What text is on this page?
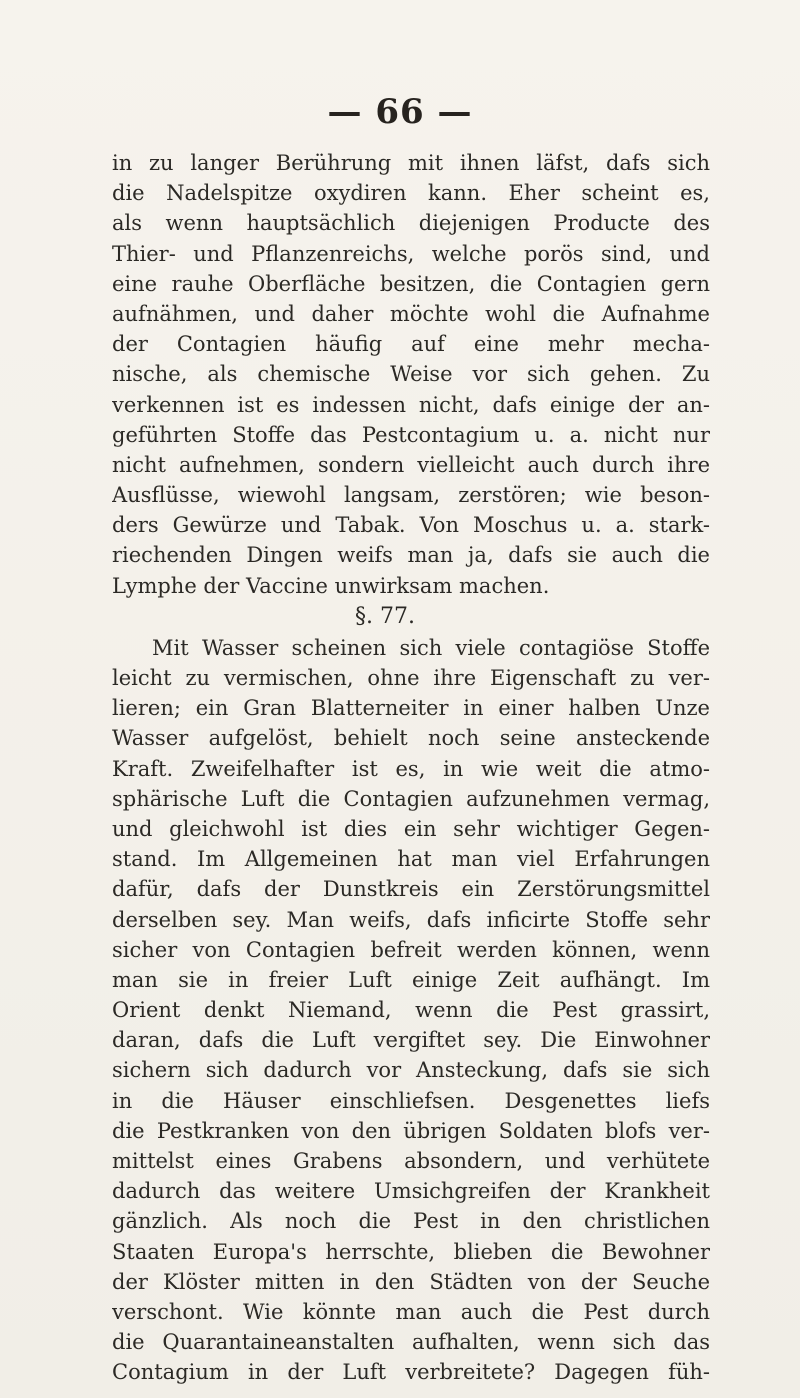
— 66 —
in zu langer Berührung mit ihnen läfst, dafs sich
die Nadelspitze oxydiren kann. Eher scheint es,
als wenn hauptsächlich diejenigen Producte des
Thier- und Pflanzenreichs, welche porös sind, und
eine rauhe Oberfläche besitzen, die Contagien gern
aufnähmen, und daher möchte wohl die Aufnahme
der Contagien häufig auf eine mehr mecha-
nische, als chemische Weise vor sich gehen. Zu
verkennen ist es indessen nicht, dafs einige der an-
geführten Stoffe das Pestcontagium u. a. nicht nur
nicht aufnehmen, sondern vielleicht auch durch ihre
Ausflüsse, wiewohl langsam, zerstören; wie beson-
ders Gewürze und Tabak. Von Moschus u. a. stark-
riechenden Dingen weifs man ja, dafs sie auch die
Lymphe der Vaccine unwirksam machen.
§. 77.
Mit Wasser scheinen sich viele contagiöse Stoffe
leicht zu vermischen, ohne ihre Eigenschaft zu ver-
lieren; ein Gran Blatterneiter in einer halben Unze
Wasser aufgelöst, behielt noch seine ansteckende
Kraft. Zweifelhafter ist es, in wie weit die atmo-
sphärische Luft die Contagien aufzunehmen vermag,
und gleichwohl ist dies ein sehr wichtiger Gegen-
stand. Im Allgemeinen hat man viel Erfahrungen
dafür, dafs der Dunstkreis ein Zerstörungsmittel
derselben sey. Man weifs, dafs inficirte Stoffe sehr
sicher von Contagien befreit werden können, wenn
man sie in freier Luft einige Zeit aufhängt. Im
Orient denkt Niemand, wenn die Pest grassirt,
daran, dafs die Luft vergiftet sey. Die Einwohner
sichern sich dadurch vor Ansteckung, dafs sie sich
in die Häuser einschliefsen. Desgenettes liefs
die Pestkranken von den übrigen Soldaten blofs ver-
mittelst eines Grabens absondern, und verhütete
dadurch das weitere Umsichgreifen der Krankheit
gänzlich. Als noch die Pest in den christlichen
Staaten Europa's herrschte, blieben die Bewohner
der Klöster mitten in den Städten von der Seuche
verschont. Wie könnte man auch die Pest durch
die Quarantaineanstalten aufhalten, wenn sich das
Contagium in der Luft verbreitete? Dagegen füh-
